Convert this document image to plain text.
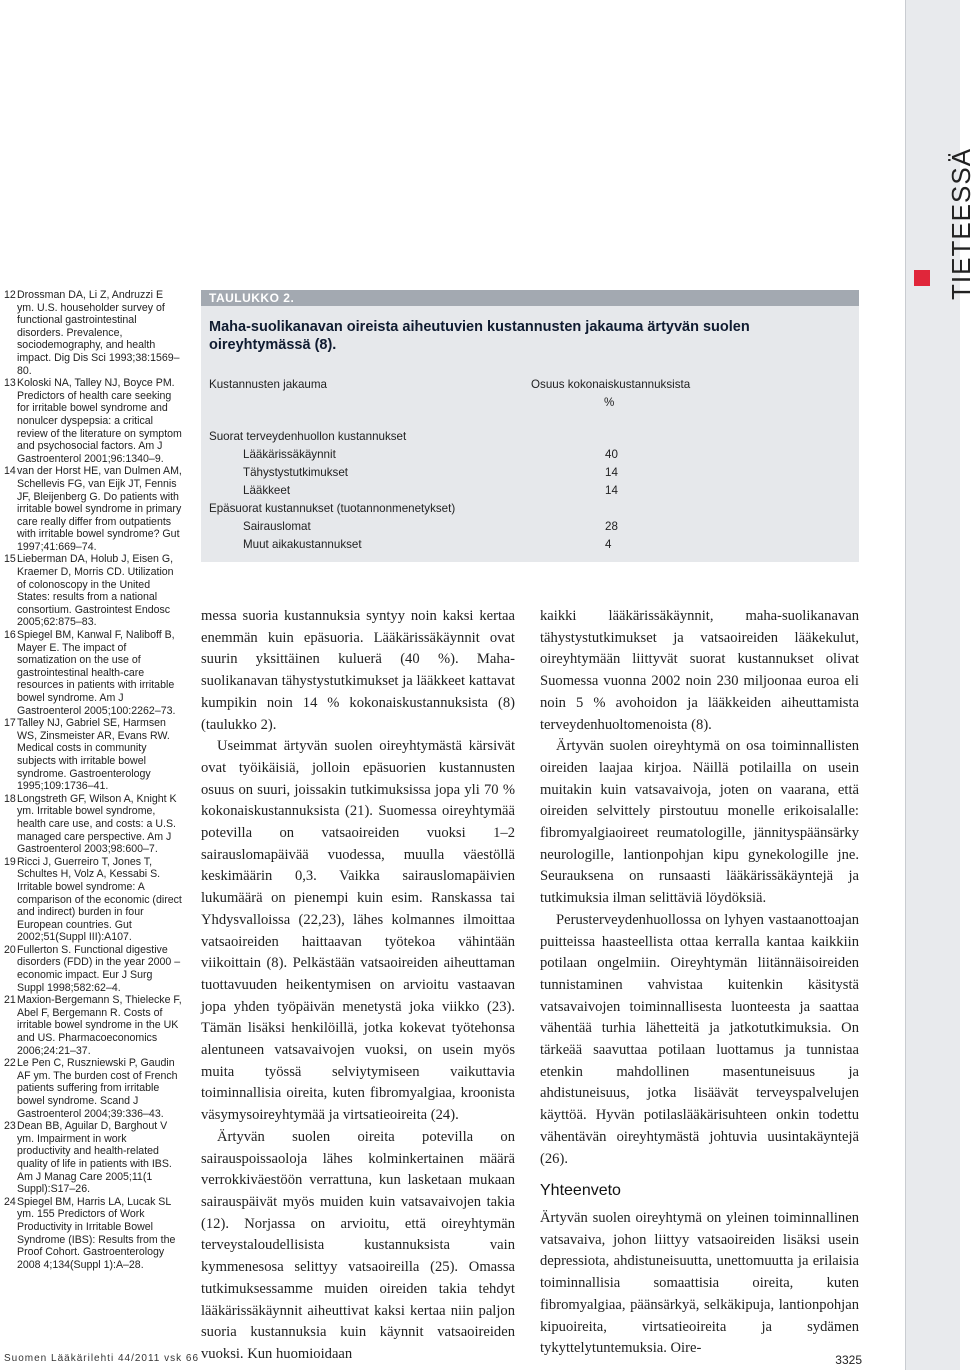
TIETEESSÄ
12 Drossman DA, Li Z, Andruzzi E ym. U.S. householder survey of functional gastrointestinal disorders. Prevalence, sociodemography, and health impact. Dig Dis Sci 1993;38:1569–80.
13 Koloski NA, Talley NJ, Boyce PM. Predictors of health care seeking for irritable bowel syndrome and nonulcer dyspepsia: a critical review of the literature on symptom and psychosocial factors. Am J Gastroenterol 2001;96:1340–9.
14 van der Horst HE, van Dulmen AM, Schellevis FG, van Eijk JT, Fennis JF, Bleijenberg G. Do patients with irritable bowel syndrome in primary care really differ from outpatients with irritable bowel syndrome? Gut 1997;41:669–74.
15 Lieberman DA, Holub J, Eisen G, Kraemer D, Morris CD. Utilization of colonoscopy in the United States: results from a national consortium. Gastrointest Endosc 2005;62:875–83.
16 Spiegel BM, Kanwal F, Naliboff B, Mayer E. The impact of somatization on the use of gastrointestinal health-care resources in patients with irritable bowel syndrome. Am J Gastroenterol 2005;100:2262–73.
17 Talley NJ, Gabriel SE, Harmsen WS, Zinsmeister AR, Evans RW. Medical costs in community subjects with irritable bowel syndrome. Gastroenterology 1995;109:1736–41.
18 Longstreth GF, Wilson A, Knight K ym. Irritable bowel syndrome, health care use, and costs: a U.S. managed care perspective. Am J Gastroenterol 2003;98:600–7.
19 Ricci J, Guerreiro T, Jones T, Schultes H, Volz A, Kessabi S. Irritable bowel syndrome: A comparison of the economic (direct and indirect) burden in four European countries. Gut 2002;51(Suppl III):A107.
20 Fullerton S. Functional digestive disorders (FDD) in the year 2000 – economic impact. Eur J Surg Suppl 1998;582:62–4.
21 Maxion-Bergemann S, Thielecke F, Abel F, Bergemann R. Costs of irritable bowel syndrome in the UK and US. Pharmacoeconomics 2006;24:21–37.
22 Le Pen C, Ruszniewski P, Gaudin AF ym. The burden cost of French patients suffering from irritable bowel syndrome. Scand J Gastroenterol 2004;39:336–43.
23 Dean BB, Aguilar D, Barghout V ym. Impairment in work productivity and health-related quality of life in patients with IBS. Am J Manag Care 2005;11(1 Suppl):S17–26.
24 Spiegel BM, Harris LA, Lucak SL ym. 155 Predictors of Work Productivity in Irritable Bowel Syndrome (IBS): Results from the Proof Cohort. Gastroenterology 2008 4;134(Suppl 1):A–28.
TAULUKKO 2.
Maha-suolikanavan oireista aiheutuvien kustannusten jakauma ärtyvän suolen oireyhtymässä (8).
Kustannusten jakauma	Osuus kokonaiskustannuksista
%
Suorat terveydenhuollon kustannukset
Lääkärissäkäynnit	40
Tähystystutkimukset	14
Lääkkeet	14
Epäsuorat kustannukset (tuotannonmenetykset)
Sairauslomat	28
Muut aikakustannukset	4

messa suoria kustannuksia syntyy noin kaksi kertaa enemmän kuin epäsuoria. Lääkärissäkäynnit ovat suurin yksittäinen kuluerä (40 %). Maha-suolikanavan tähystystutkimukset ja lääkkeet kattavat kumpikin noin 14 % kokonaiskustannuksista (8) (taulukko 2).

Useimmat ärtyvän suolen oireyhtymästä kärsivät ovat työikäisiä, jolloin epäsuorien kustannusten osuus on suuri, joissakin tutkimuksissa jopa yli 70 % kokonaiskustannuksista (21). Suomessa oireyhtymää potevilla on vatsaoireiden vuoksi 1–2 sairauslomapäivää vuodessa, muulla väestöllä keskimäärin 0,3. Vaikka sairauslomapäivien lukumäärä on pienempi kuin esim. Ranskassa tai Yhdysvalloissa (22,23), lähes kolmannes ilmoittaa vatsaoireiden haittaavan työtekoa vähintään viikoittain (8). Pelkästään vatsaoireiden aiheuttaman tuottavuuden heikentymisen on arvioitu vastaavan jopa yhden työpäivän menetystä joka viikko (23). Tämän lisäksi henkilöillä, jotka kokevat työtehonsa alentuneen vatsavaivojen vuoksi, on usein myös muita työssä selviytymiseen vaikuttavia toiminnallisia oireita, kuten fibromyalgiaa, kroonista väsymysoireyhtymää ja virtsatieoireita (24).

Ärtyvän suolen oireita potevilla on sairauspoissaoloja lähes kolminkertainen määrä verrokkiväestöön verrattuna, kun lasketaan mukaan sairauspäivät myös muiden kuin vatsavaivojen takia (12). Norjassa on arvioitu, että oireyhtymän terveystaloudellisista kustannuksista vain kymmenesosa selittyy vatsaoireilla (25). Omassa tutkimuksessamme muiden oireiden takia tehdyt lääkärissäkäynnit aiheuttivat kaksi kertaa niin paljon suoria kustannuksia kuin käynnit vatsaoireiden vuoksi. Kun huomioidaan

kaikki lääkärissäkäynnit, maha-suolikanavan tähystystutkimukset ja vatsaoireiden lääkekulut, oireyhtymään liittyvät suorat kustannukset olivat Suomessa vuonna 2002 noin 230 miljoonaa euroa eli noin 5 % avohoidon ja lääkkeiden aiheuttamista terveydenhuoltomenoista (8).

Ärtyvän suolen oireyhtymä on osa toiminnallisten oireiden laajaa kirjoa. Näillä potilailla on usein muitakin kuin vatsavaivoja, joten on vaarana, että oireiden selvittely pirstoutuu monelle erikoisalalle: fibromyalgiaoireet reumatologille, jännityspäänsärky neurologille, lantionpohjan kipu gynekologille jne. Seurauksena on runsaasti lääkärissäkäyntejä ja tutkimuksia ilman selittäviä löydöksiä.

Perusterveydenhuollossa on lyhyen vastaanottoajan puitteissa haasteellista ottaa kerralla kantaa kaikkiin potilaan ongelmiin. Oireyhtymän liitännäisoireiden tunnistaminen vahvistaa kuitenkin käsitystä vatsavaivojen toiminnallisesta luonteesta ja saattaa vähentää turhia lähetteitä ja jatkotutkimuksia. On tärkeää saavuttaa potilaan luottamus ja tunnistaa etenkin mahdollinen masentuneisuus ja ahdistuneisuus, jotka lisäävät terveyspalvelujen käyttöä. Hyvän potilaslääkärisuhteen onkin todettu vähentävän oireyhtymästä johtuvia uusintakäyntejä (26).

Yhteenveto

Ärtyvän suolen oireyhtymä on yleinen toiminnallinen vatsavaiva, johon liittyy vatsaoireiden lisäksi usein depressiota, ahdistuneisuutta, unettomuutta ja erilaisia toiminnallisia somaattisia oireita, kuten fibromyalgiaa, päänsärkyä, selkäkipuja, lantionpohjan kipuoireita, virtsatieoireita ja sydämen tykyttelytuntemuksia. Oire-

Suomen Lääkärilehti 44/2011 vsk 66	3325
